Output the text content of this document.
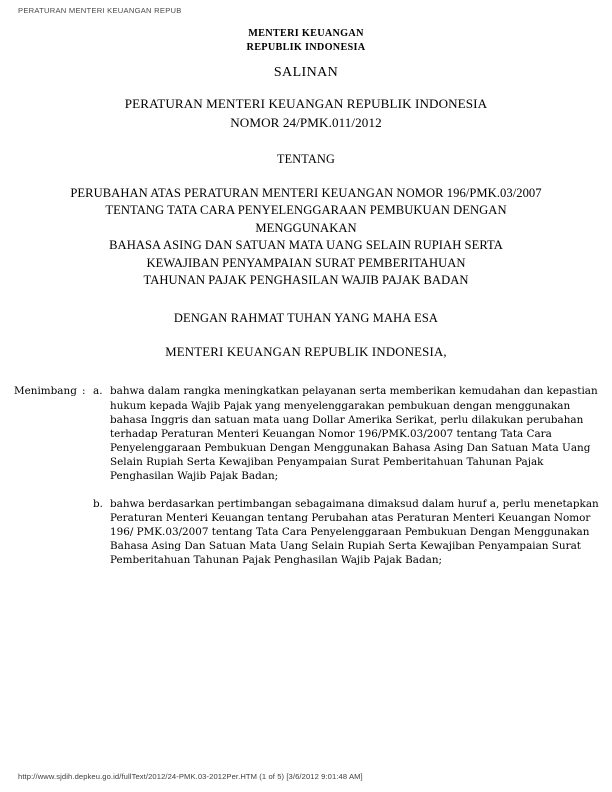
PERATURAN MENTERI KEUANGAN REPUB
MENTERI KEUANGAN
REPUBLIK INDONESIA
SALINAN
PERATURAN MENTERI KEUANGAN REPUBLIK INDONESIA
NOMOR 24/PMK.011/2012
TENTANG
PERUBAHAN ATAS PERATURAN MENTERI KEUANGAN NOMOR 196/PMK.03/2007
TENTANG TATA CARA PENYELENGGARAAN PEMBUKUAN DENGAN
MENGGUNAKAN
BAHASA ASING DAN SATUAN MATA UANG SELAIN RUPIAH SERTA
KEWAJIBAN PENYAMPAIAN SURAT PEMBERITAHUAN
TAHUNAN PAJAK PENGHASILAN WAJIB PAJAK BADAN
DENGAN RAHMAT TUHAN YANG MAHA ESA
MENTERI KEUANGAN REPUBLIK INDONESIA,
Menimbang : a. bahwa dalam rangka meningkatkan pelayanan serta memberikan kemudahan dan kepastian hukum kepada Wajib Pajak yang menyelenggarakan pembukuan dengan menggunakan bahasa Inggris dan satuan mata uang Dollar Amerika Serikat, perlu dilakukan perubahan terhadap Peraturan Menteri Keuangan Nomor 196/PMK.03/2007 tentang Tata Cara Penyelenggaraan Pembukuan Dengan Menggunakan Bahasa Asing Dan Satuan Mata Uang Selain Rupiah Serta Kewajiban Penyampaian Surat Pemberitahuan Tahunan Pajak Penghasilan Wajib Pajak Badan;
b. bahwa berdasarkan pertimbangan sebagaimana dimaksud dalam huruf a, perlu menetapkan Peraturan Menteri Keuangan tentang Perubahan atas Peraturan Menteri Keuangan Nomor 196/ PMK.03/2007 tentang Tata Cara Penyelenggaraan Pembukuan Dengan Menggunakan Bahasa Asing Dan Satuan Mata Uang Selain Rupiah Serta Kewajiban Penyampaian Surat Pemberitahuan Tahunan Pajak Penghasilan Wajib Pajak Badan;
http://www.sjdih.depkeu.go.id/fullText/2012/24-PMK.03-2012Per.HTM (1 of 5) [3/6/2012 9:01:48 AM]
